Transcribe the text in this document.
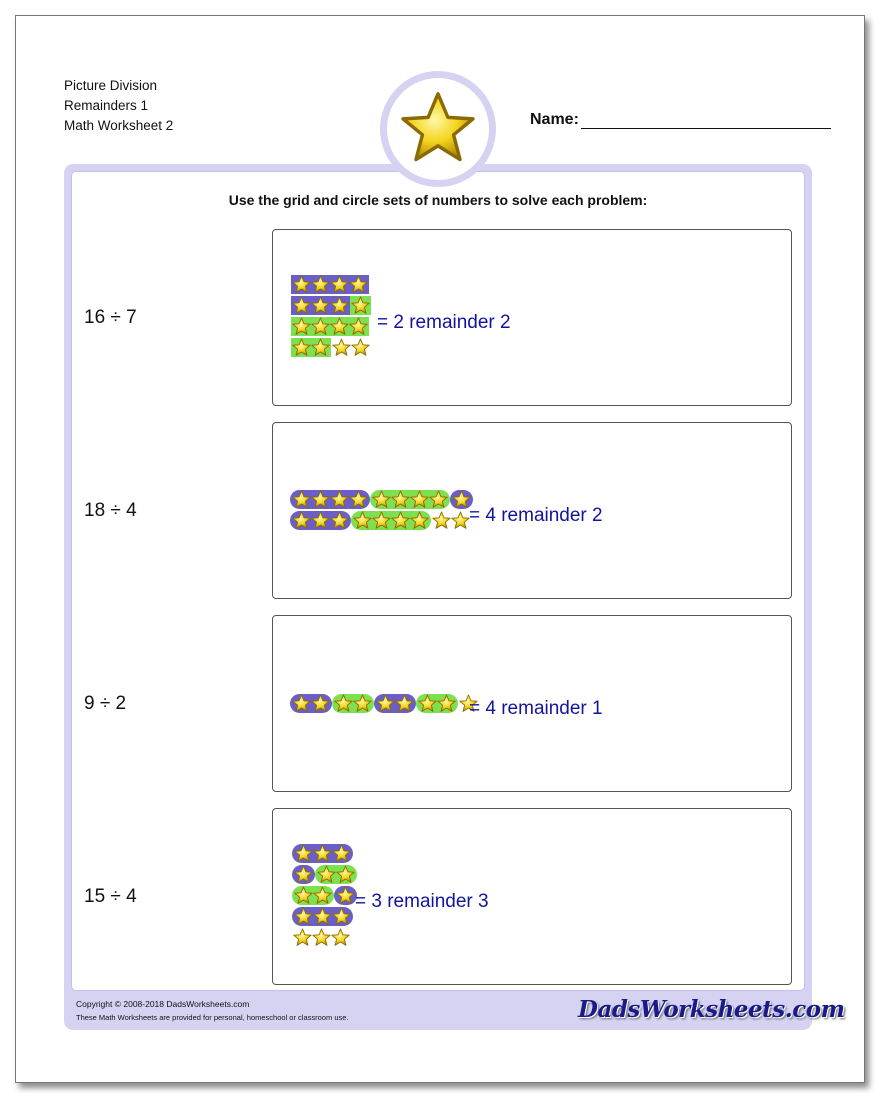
Picture Division
Remainders 1
Math Worksheet 2	Name:
Use the grid and circle sets of numbers to solve each problem:
16 ÷ 7	= 2 remainder 2
18 ÷ 4	= 4 remainder 2
9 ÷ 2	= 4 remainder 1
15 ÷ 4	= 3 remainder 3
Copyright © 2008-2018 DadsWorksheets.com
These Math Worksheets are provided for personal, homeschool or classroom use.	DadsWorksheets.com
